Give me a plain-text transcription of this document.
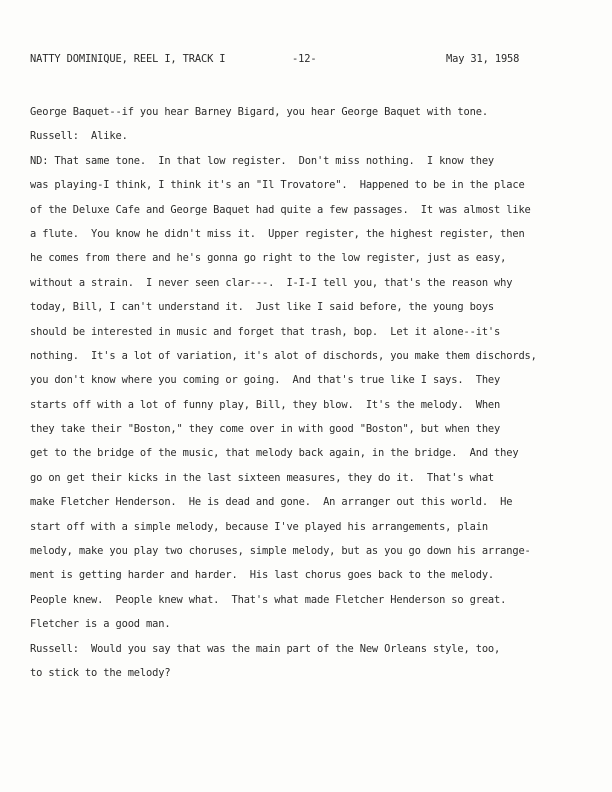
NATTY DOMINIQUE, REEL I, TRACK I	-12-	May 31, 1958
George Baquet--if you hear Barney Bigard, you hear George Baquet with tone.
Russell:  Alike.
ND: That same tone.  In that low register.  Don't miss nothing.  I know they
was playing-I think, I think it's an "Il Trovatore".  Happened to be in the place
of the Deluxe Cafe and George Baquet had quite a few passages.  It was almost like
a flute.  You know he didn't miss it.  Upper register, the highest register, then
he comes from there and he's gonna go right to the low register, just as easy,
without a strain.  I never seen clar---.  I-I-I tell you, that's the reason why
today, Bill, I can't understand it.  Just like I said before, the young boys
should be interested in music and forget that trash, bop.  Let it alone--it's
nothing.  It's a lot of variation, it's alot of dischords, you make them dischords,
you don't know where you coming or going.  And that's true like I says.  They
starts off with a lot of funny play, Bill, they blow.  It's the melody.  When
they take their "Boston," they come over in with good "Boston", but when they
get to the bridge of the music, that melody back again, in the bridge.  And they
go on get their kicks in the last sixteen measures, they do it.  That's what
make Fletcher Henderson.  He is dead and gone.  An arranger out this world.  He
start off with a simple melody, because I've played his arrangements, plain
melody, make you play two choruses, simple melody, but as you go down his arrange-
ment is getting harder and harder.  His last chorus goes back to the melody.
People knew.  People knew what.  That's what made Fletcher Henderson so great.
Fletcher is a good man.
Russell:  Would you say that was the main part of the New Orleans style, too,
to stick to the melody?
